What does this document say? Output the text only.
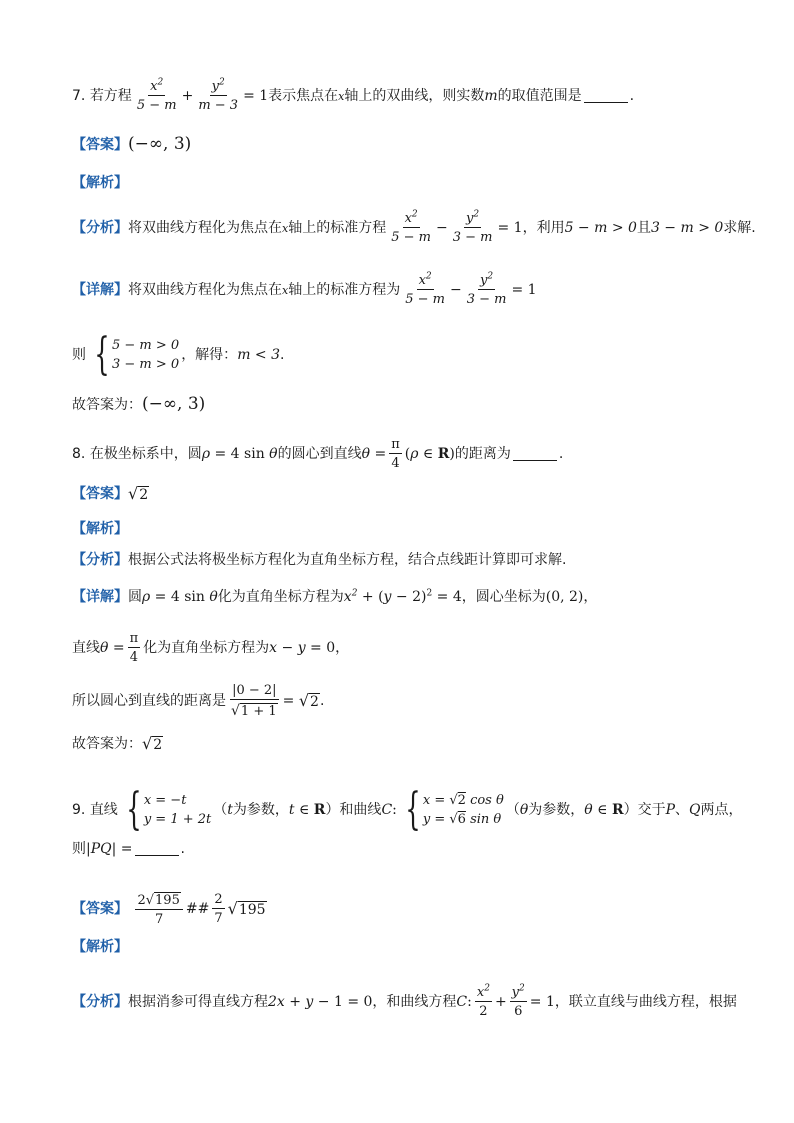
7.
若方程 $\frac{x^2}{5 - m} + \frac{y^2}{m - 3} = 1$ 表示焦点在 x 轴上的双曲线，则实数 m 的取值范围是	.
【答案】 (−∞, 3)
【解析】
【分析】 将双曲线方程化为焦点在 x 轴上的标准方程 $\frac{x^2}{5 - m} - \frac{y^2}{3 - m} = 1$ ，利用 5 − m > 0 且 3 − m > 0 求解.
【详解】 将双曲线方程化为焦点在 x 轴上的标准方程为 $\frac{x^2}{5 - m} - \frac{y^2}{3 - m} = 1$
则 { 5 − m > 0
3 − m > 0
，解得： m < 3 .
故答案为： (−∞, 3)
8.
在极坐标系中，圆 ρ = 4 sin θ 的圆心到直线 $\theta = \frac{\pi}{4}$ ( ρ ∈ R) 的距离为	.
【答案】 √ 2
【解析】
【分析】 根据公式法将极坐标方程化为直角坐标方程，结合点线距计算即可求解.
【详解】 圆 ρ = 4 sin θ 化为直角坐标方程为 $x^2$ + ( y − 2)$^2$ = 4 ，圆心坐标为 (0, 2) ，
直线 $\theta = \frac{\pi}{4}$ 化为直角坐标方程为 x − y = 0 ，
所以圆心到直线的距离是 $\frac{|0 - 2|}{√ 1 + 1}$ =
√ 2 .
故答案为： √ 2
9.
直线 { x = −t
y = 1 + 2t
（ t 为参数， t ∈ R ）和曲线 C : { x = √2 cos θ
y = √6 sin θ
（ θ 为参数， θ ∈ R ）交于 P 、 Q 两点，
则 | PQ | =	.
【答案】
$\frac{2 √ 195}{7}$ ## $\frac{2}{7}$ √ 195
【解析】
【分析】 根据消参可得直线方程 2x + y − 1 = 0 ，和曲线方程 C : $\frac{x^2}{2} + \frac{y^2}{6} = 1$ ，联立直线与曲线方程，根据
